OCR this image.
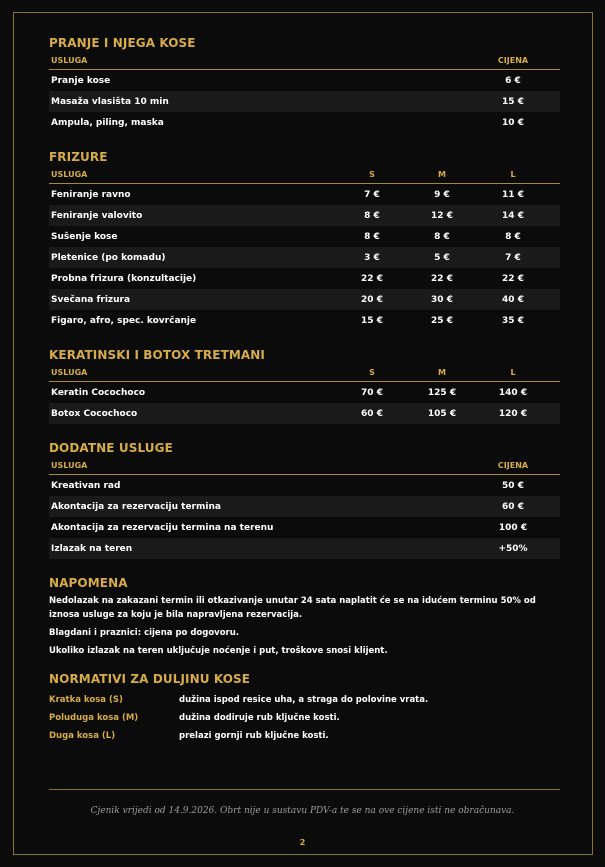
PRANJE I NJEGA KOSE
USLUGA	CIJENA
Pranje kose	6 €
Masaža vlasišta 10 min	15 €
Ampula, piling, maska	10 €
FRIZURE
USLUGA	S	M	L
Feniranje ravno	7 €	9 €	11 €
Feniranje valovito	8 €	12 €	14 €
Sušenje kose	8 €	8 €	8 €
Pletenice (po komadu)	3 €	5 €	7 €
Probna frizura (konzultacije)	22 €	22 €	22 €
Svečana frizura	20 €	30 €	40 €
Figaro, afro, spec. kovrčanje	15 €	25 €	35 €
KERATINSKI I BOTOX TRETMANI
USLUGA	S	M	L
Keratin Cocochoco	70 €	125 €	140 €
Botox Cocochoco	60 €	105 €	120 €
DODATNE USLUGE
USLUGA	CIJENA
Kreativan rad	50 €
Akontacija za rezervaciju termina	60 €
Akontacija za rezervaciju termina na terenu	100 €
Izlazak na teren	+50%
NAPOMENA

Nedolazak na zakazani termin ili otkazivanje unutar 24 sata naplatit će se na idućem terminu 50% od iznosa usluge za koju je bila napravljena rezervacija.

Blagdani i praznici: cijena po dogovoru.

Ukoliko izlazak na teren uključuje noćenje i put, troškove snosi klijent.

NORMATIVI ZA DULJINU KOSE
Kratka kosa (S)	dužina ispod resice uha, a straga do polovine vrata.
Poluduga kosa (M)	dužina dodiruje rub ključne kosti.
Duga kosa (L)	prelazi gornji rub ključne kosti.
Cjenik vrijedi od 14.9.2026. Obrt nije u sustavu PDV-a te se na ove cijene isti ne obračunava.
2
